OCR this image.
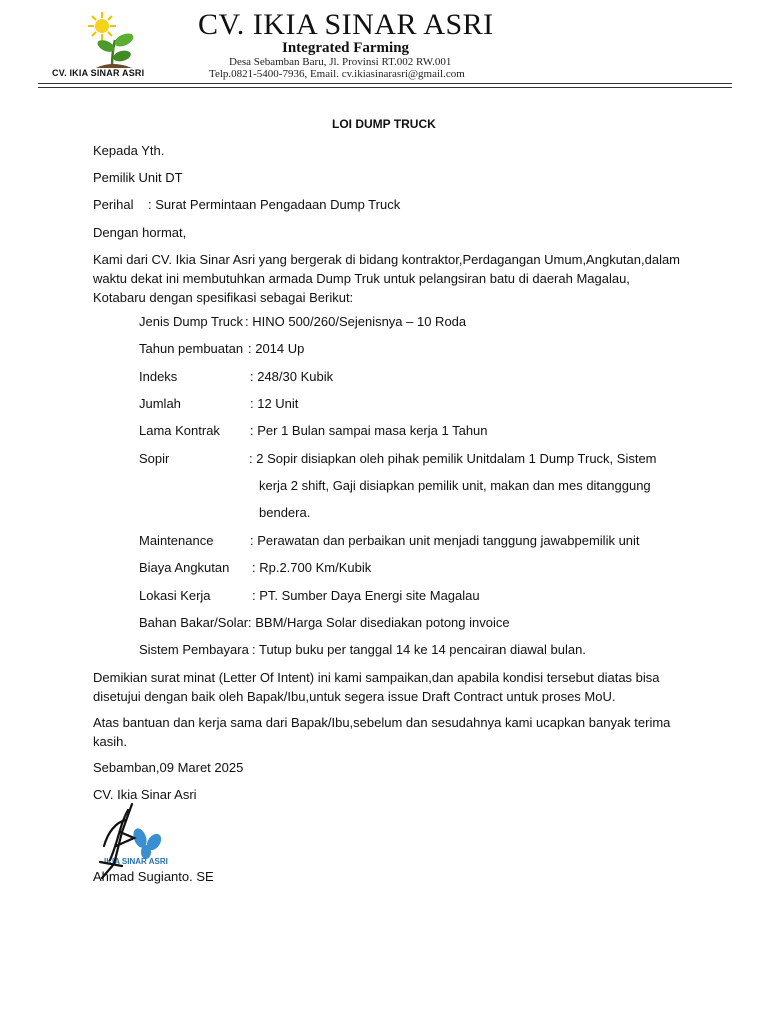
CV. IKIA SINAR ASRI
CV. IKIA SINAR ASRI
Integrated Farming
Desa Sebamban Baru, Jl. Provinsi RT.002 RW.001
Telp.0821-5400-7936, Email. cv.ikiasinarasri@gmail.com
LOI DUMP TRUCK
Kepada Yth.
Pemilik Unit DT
Perihal : Surat Permintaan Pengadaan Dump Truck
Dengan hormat,
Kami dari CV. Ikia Sinar Asri yang bergerak di bidang kontraktor,Perdagangan Umum,Angkutan,dalam waktu dekat ini membutuhkan armada Dump Truk untuk pelangsiran batu di daerah Magalau, Kotabaru dengan spesifikasi sebagai Berikut:
Jenis Dump Truck : HINO 500/260/Sejenisnya – 10 Roda
Tahun pembuatan : 2014 Up
Indeks	: 248/30 Kubik
Jumlah	: 12 Unit
Lama Kontrak : Per 1 Bulan sampai masa kerja 1 Tahun
Sopir	: 2 Sopir disiapkan oleh pihak pemilik Unitdalam 1 Dump Truck, Sistem
kerja 2 shift, Gaji disiapkan pemilik unit, makan dan mes ditanggung
bendera.
Maintenance	: Perawatan dan perbaikan unit menjadi tanggung jawabpemilik unit
Biaya Angkutan : Rp.2.700 Km/Kubik
Lokasi Kerja	: PT. Sumber Daya Energi site Magalau
Bahan Bakar/Solar : BBM/Harga Solar disediakan potong invoice
Sistem Pembayara : Tutup buku per tanggal 14 ke 14 pencairan diawal bulan.
Demikian surat minat (Letter Of Intent) ini kami sampaikan,dan apabila kondisi tersebut diatas bisa disetujui dengan baik oleh Bapak/Ibu,untuk segera issue Draft Contract untuk proses MoU.
Atas bantuan dan kerja sama dari Bapak/Ibu,sebelum dan sesudahnya kami ucapkan banyak terima kasih.
Sebamban,09 Maret 2025
CV. Ikia Sinar Asri
IKIA SINAR ASRI
Ahmad Sugianto. SE
